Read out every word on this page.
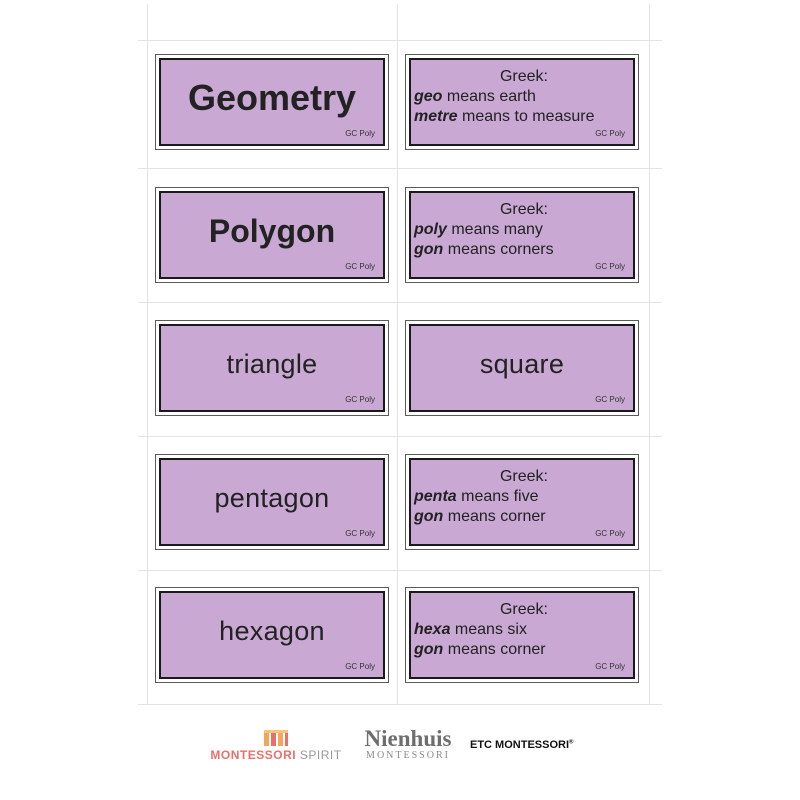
Geometry
GC Poly
Greek:
geo means earth
metre means to measure
GC Poly
Polygon
GC Poly
Greek:
poly means many
gon means corners
GC Poly
triangle
GC Poly
square
GC Poly
pentagon
GC Poly
Greek:
penta means five
gon means corner
GC Poly
hexagon
GC Poly
Greek:
hexa means six
gon means corner
GC Poly
MONTESSORI SPIRIT
Nienhuis
MONTESSORI
ETC MONTESSORI®
